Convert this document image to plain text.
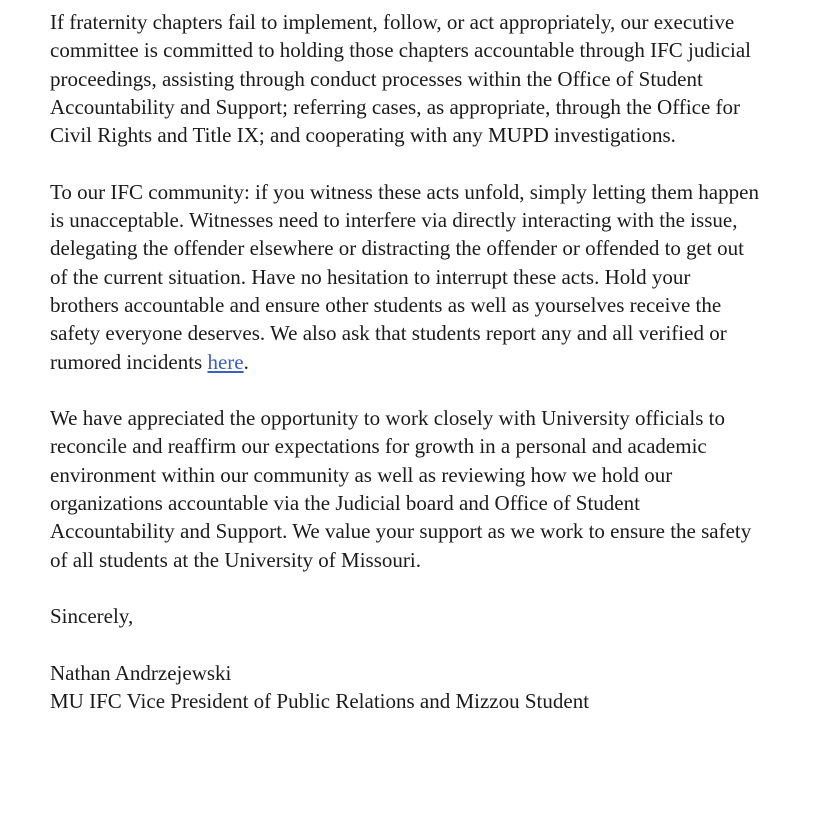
If fraternity chapters fail to implement, follow, or act appropriately, our executive
committee is committed to holding those chapters accountable through IFC judicial
proceedings, assisting through conduct processes within the Office of Student
Accountability and Support; referring cases, as appropriate, through the Office for
Civil Rights and Title IX; and cooperating with any MUPD investigations.

To our IFC community: if you witness these acts unfold, simply letting them happen
is unacceptable. Witnesses need to interfere via directly interacting with the issue,
delegating the offender elsewhere or distracting the offender or offended to get out
of the current situation. Have no hesitation to interrupt these acts. Hold your
brothers accountable and ensure other students as well as yourselves receive the
safety everyone deserves. We also ask that students report any and all verified or
rumored incidents here.

We have appreciated the opportunity to work closely with University officials to
reconcile and reaffirm our expectations for growth in a personal and academic
environment within our community as well as reviewing how we hold our
organizations accountable via the Judicial board and Office of Student
Accountability and Support. We value your support as we work to ensure the safety
of all students at the University of Missouri.

Sincerely,

Nathan Andrzejewski

MU IFC Vice President of Public Relations and Mizzou Student
